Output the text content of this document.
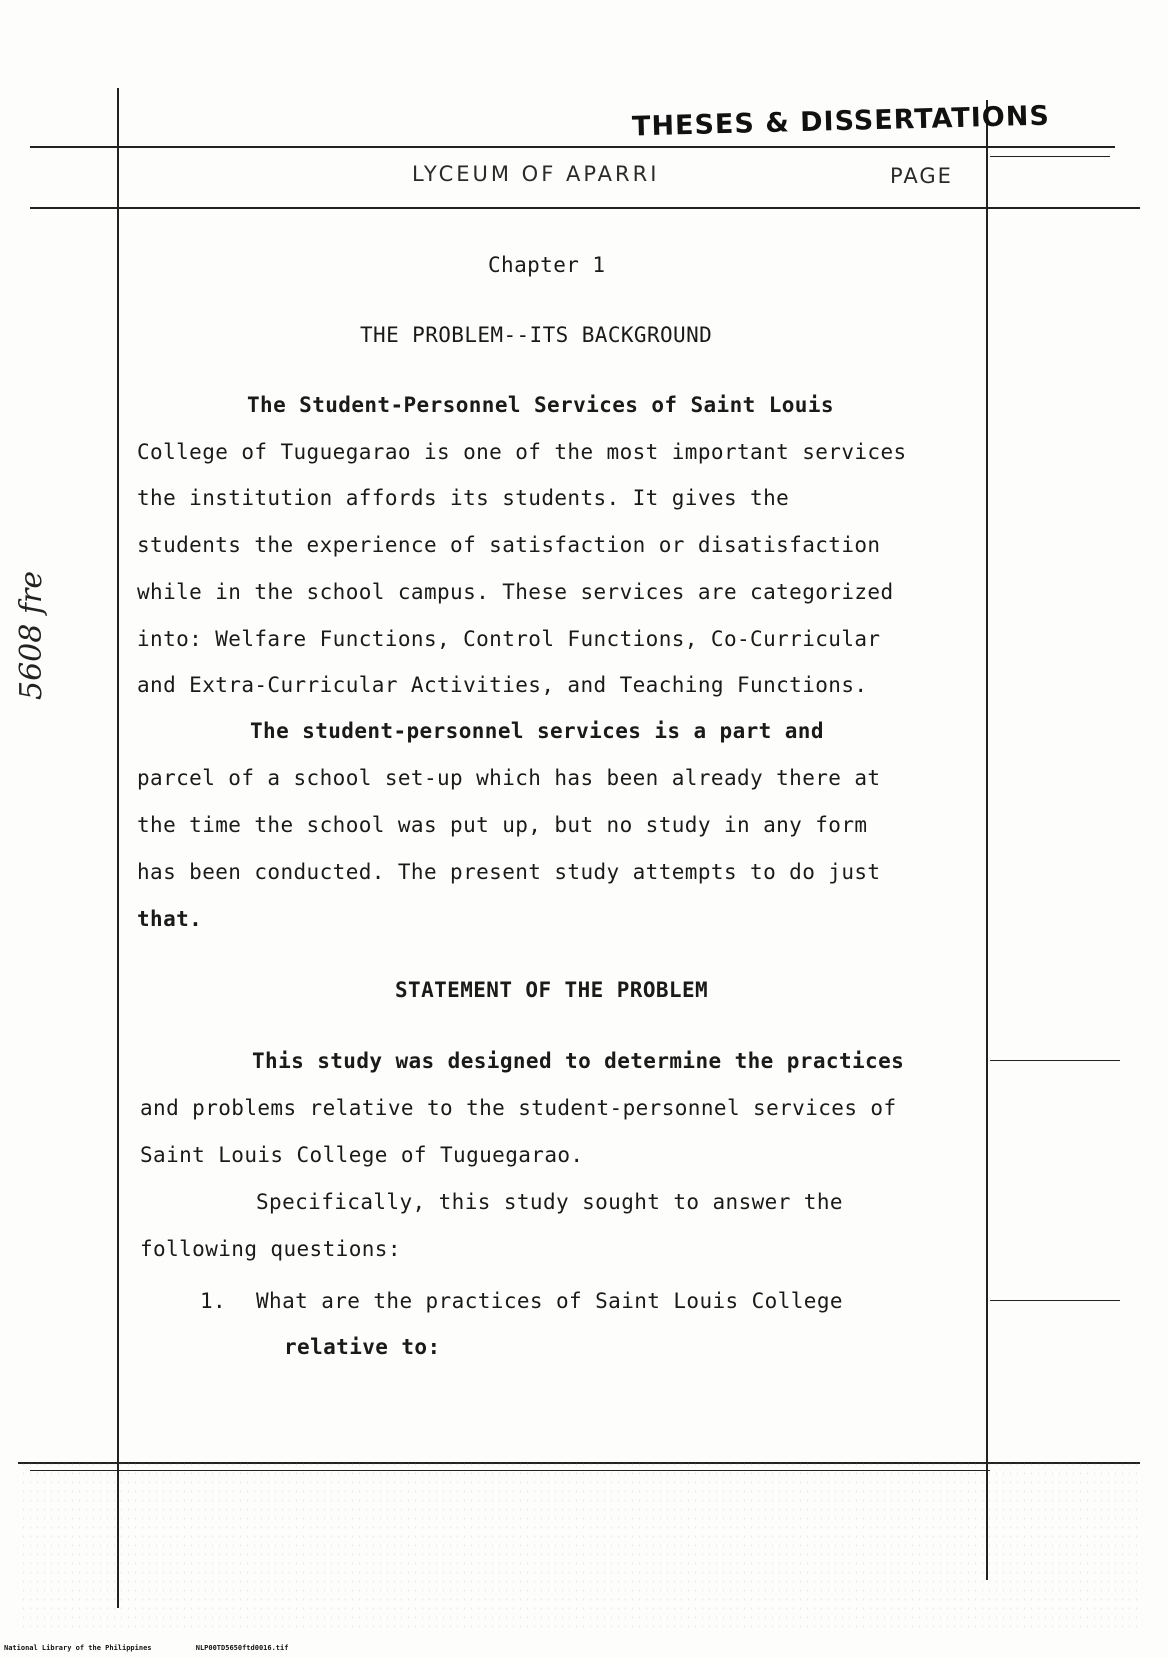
THESES & DISSERTATIONS
LYCEUM OF APARRI	PAGE
5608 fre
Chapter 1
THE PROBLEM--ITS BACKGROUND
The Student-Personnel Services of Saint Louis
College of Tuguegarao is one of the most important services
the institution affords its students. It gives the
students the experience of satisfaction or disatisfaction
while in the school campus. These services are categorized
into: Welfare Functions, Control Functions, Co-Curricular
and Extra-Curricular Activities, and Teaching Functions.
The student-personnel services is a part and
parcel of a school set-up which has been already there at
the time the school was put up, but no study in any form
has been conducted. The present study attempts to do just
that.
STATEMENT OF THE PROBLEM
This study was designed to determine the practices
and problems relative to the student-personnel services of
Saint Louis College of Tuguegarao.
Specifically, this study sought to answer the
following questions:
1. What are the practices of Saint Louis College
relative to:
National Library of the Philippines	NLP00TD5650ftd0016.tif
